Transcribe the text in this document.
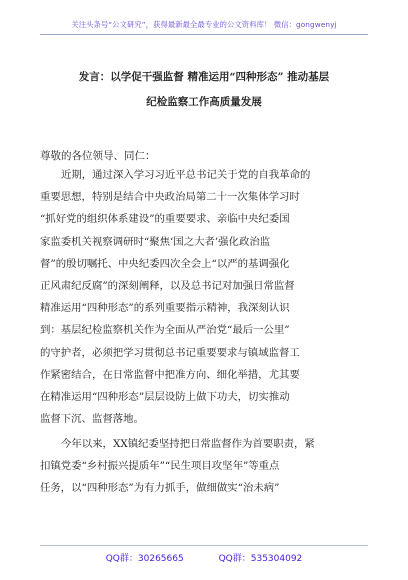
关注头条号“公文研究”，获得最新最全最专业的公文资料库！ 微信：gongwenyj
发言：以学促干强监督 精准运用“四种形态” 推动基层
纪检监察工作高质量发展
尊敬的各位领导、同仁：
近期，通过深入学习习近平总书记关于党的自我革命的
重要思想，特别是结合中央政治局第二十一次集体学习时
“抓好党的组织体系建设”的重要要求、亲临中央纪委国
家监委机关视察调研时“聚焦‘国之大者’强化政治监
督”的殷切嘱托、中央纪委四次全会上“以严的基调强化
正风肃纪反腐”的深刻阐释，以及总书记对加强日常监督
精准运用“四种形态”的系列重要指示精神，我深刻认识
到：基层纪检监察机关作为全面从严治党“最后一公里”
的守护者，必须把学习贯彻总书记重要要求与镇域监督工
作紧密结合，在日常监督中把准方向、细化举措，尤其要
在精准运用“四种形态”层层设防上做下功夫，切实推动
监督下沉、监督落地。
今年以来，XX镇纪委坚持把日常监督作为首要职责，紧
扣镇党委“乡村振兴提质年”“民生项目攻坚年”等重点
任务，以“四种形态”为有力抓手，做细做实“治未病”
QQ群：30265665	QQ群：535304092
